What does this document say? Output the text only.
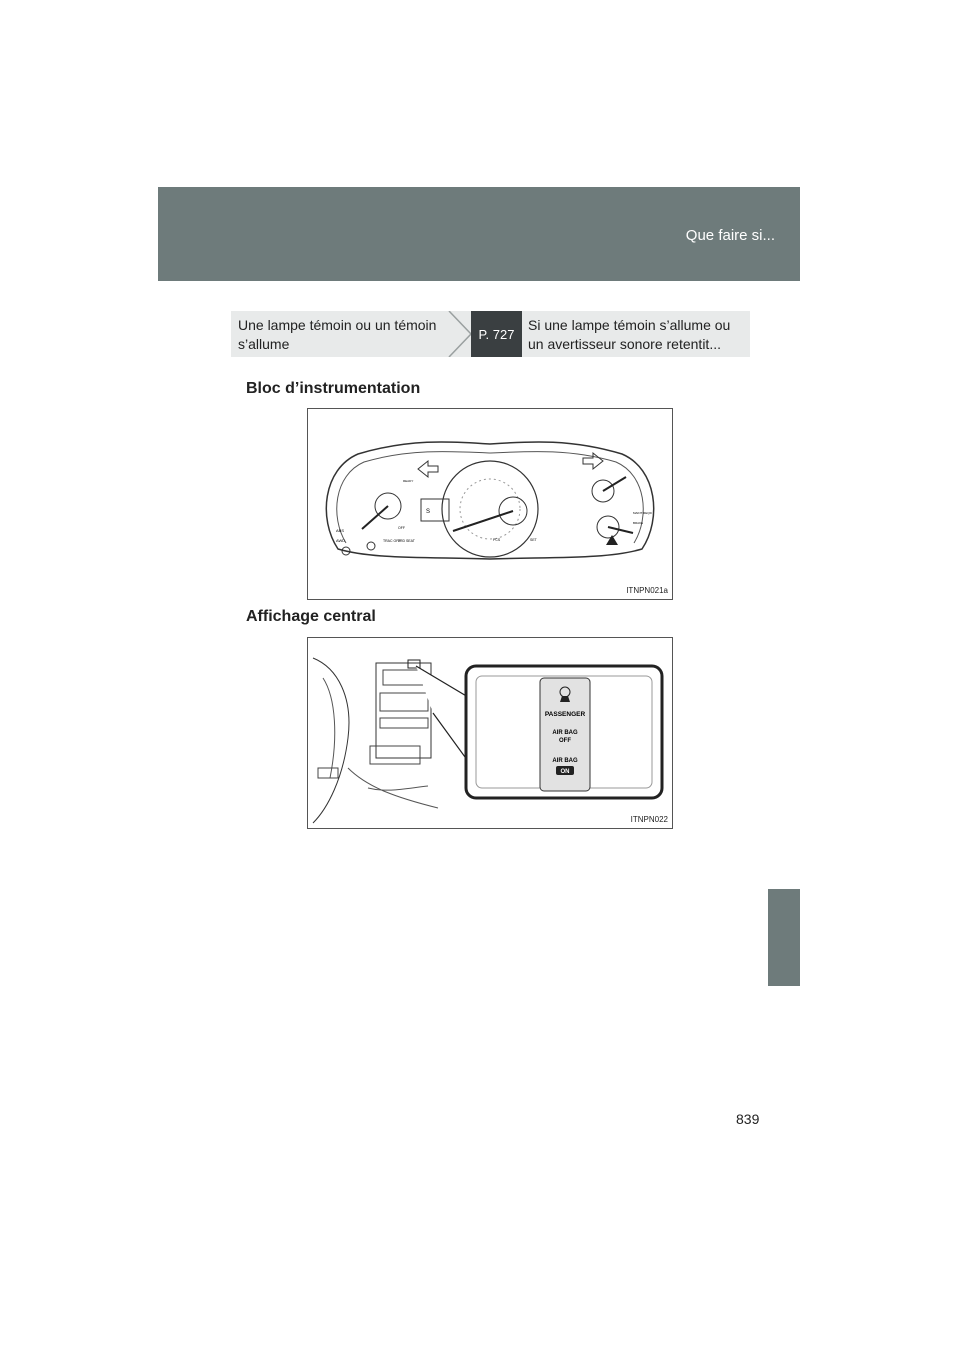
Que faire si...
Une lampe témoin ou un témoin s’allume
P. 727
Si une lampe témoin s’allume ou un avertisseur sonore retentit...
Bloc d’instrumentation
ABS
AWD	TRAC OFF
OFF
3RD SEAT
READY
S
PCS	SET
MAINT REQD
BRAKE
ITNPN021a
Affichage central
PASSENGER
AIR BAG
OFF
AIR BAG
ON
ITNPN022
839
